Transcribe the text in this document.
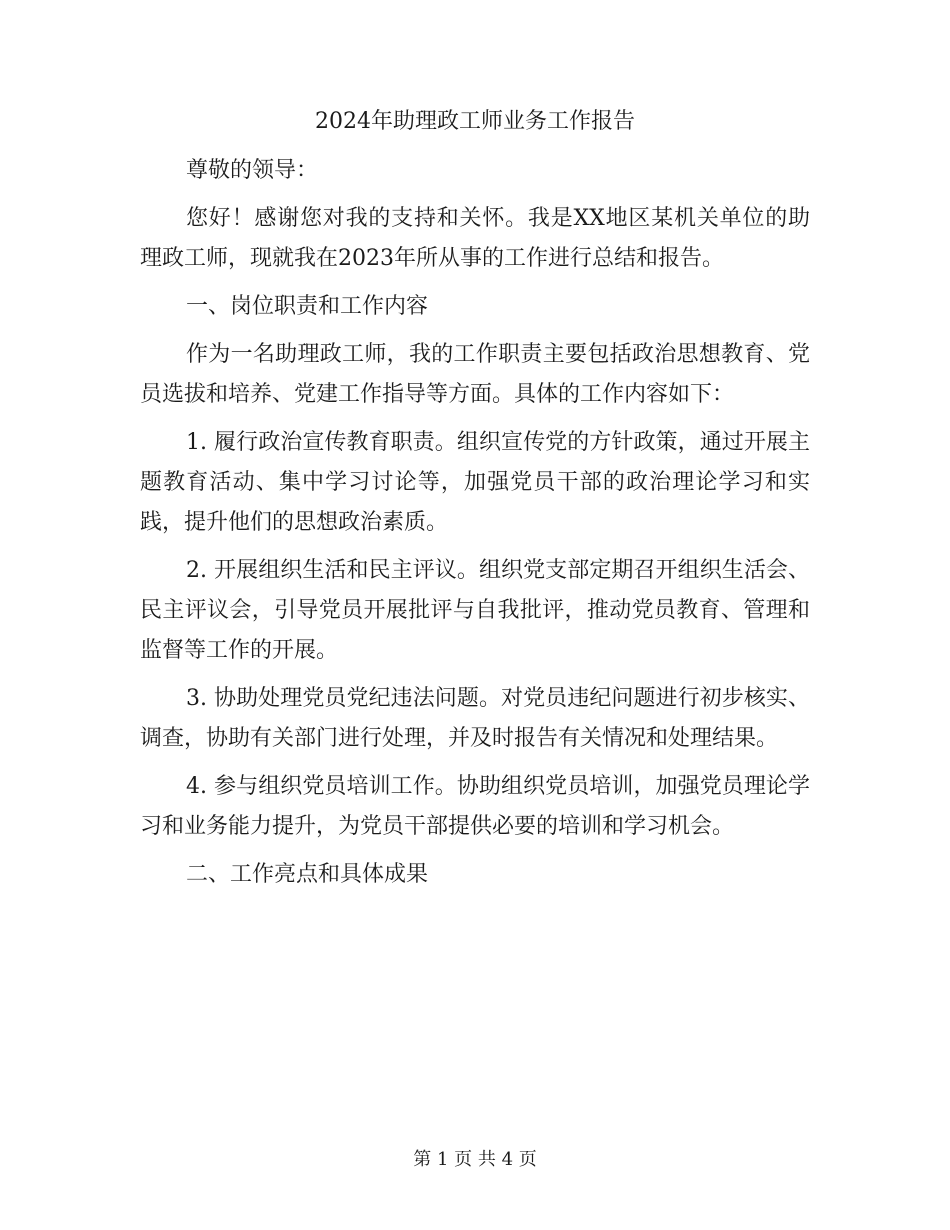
2024年助理政工师业务工作报告

尊敬的领导：

您好！感谢您对我的支持和关怀。我是XX地区某机关单位的助理政工师，现就我在2023年所从事的工作进行总结和报告。

一、岗位职责和工作内容

作为一名助理政工师，我的工作职责主要包括政治思想教育、党员选拔和培养、党建工作指导等方面。具体的工作内容如下：

1. 履行政治宣传教育职责。组织宣传党的方针政策，通过开展主题教育活动、集中学习讨论等，加强党员干部的政治理论学习和实践，提升他们的思想政治素质。

2. 开展组织生活和民主评议。组织党支部定期召开组织生活会、民主评议会，引导党员开展批评与自我批评，推动党员教育、管理和监督等工作的开展。

3. 协助处理党员党纪违法问题。对党员违纪问题进行初步核实、调查，协助有关部门进行处理，并及时报告有关情况和处理结果。

4. 参与组织党员培训工作。协助组织党员培训，加强党员理论学习和业务能力提升，为党员干部提供必要的培训和学习机会。

二、工作亮点和具体成果

第 1 页 共 4 页
